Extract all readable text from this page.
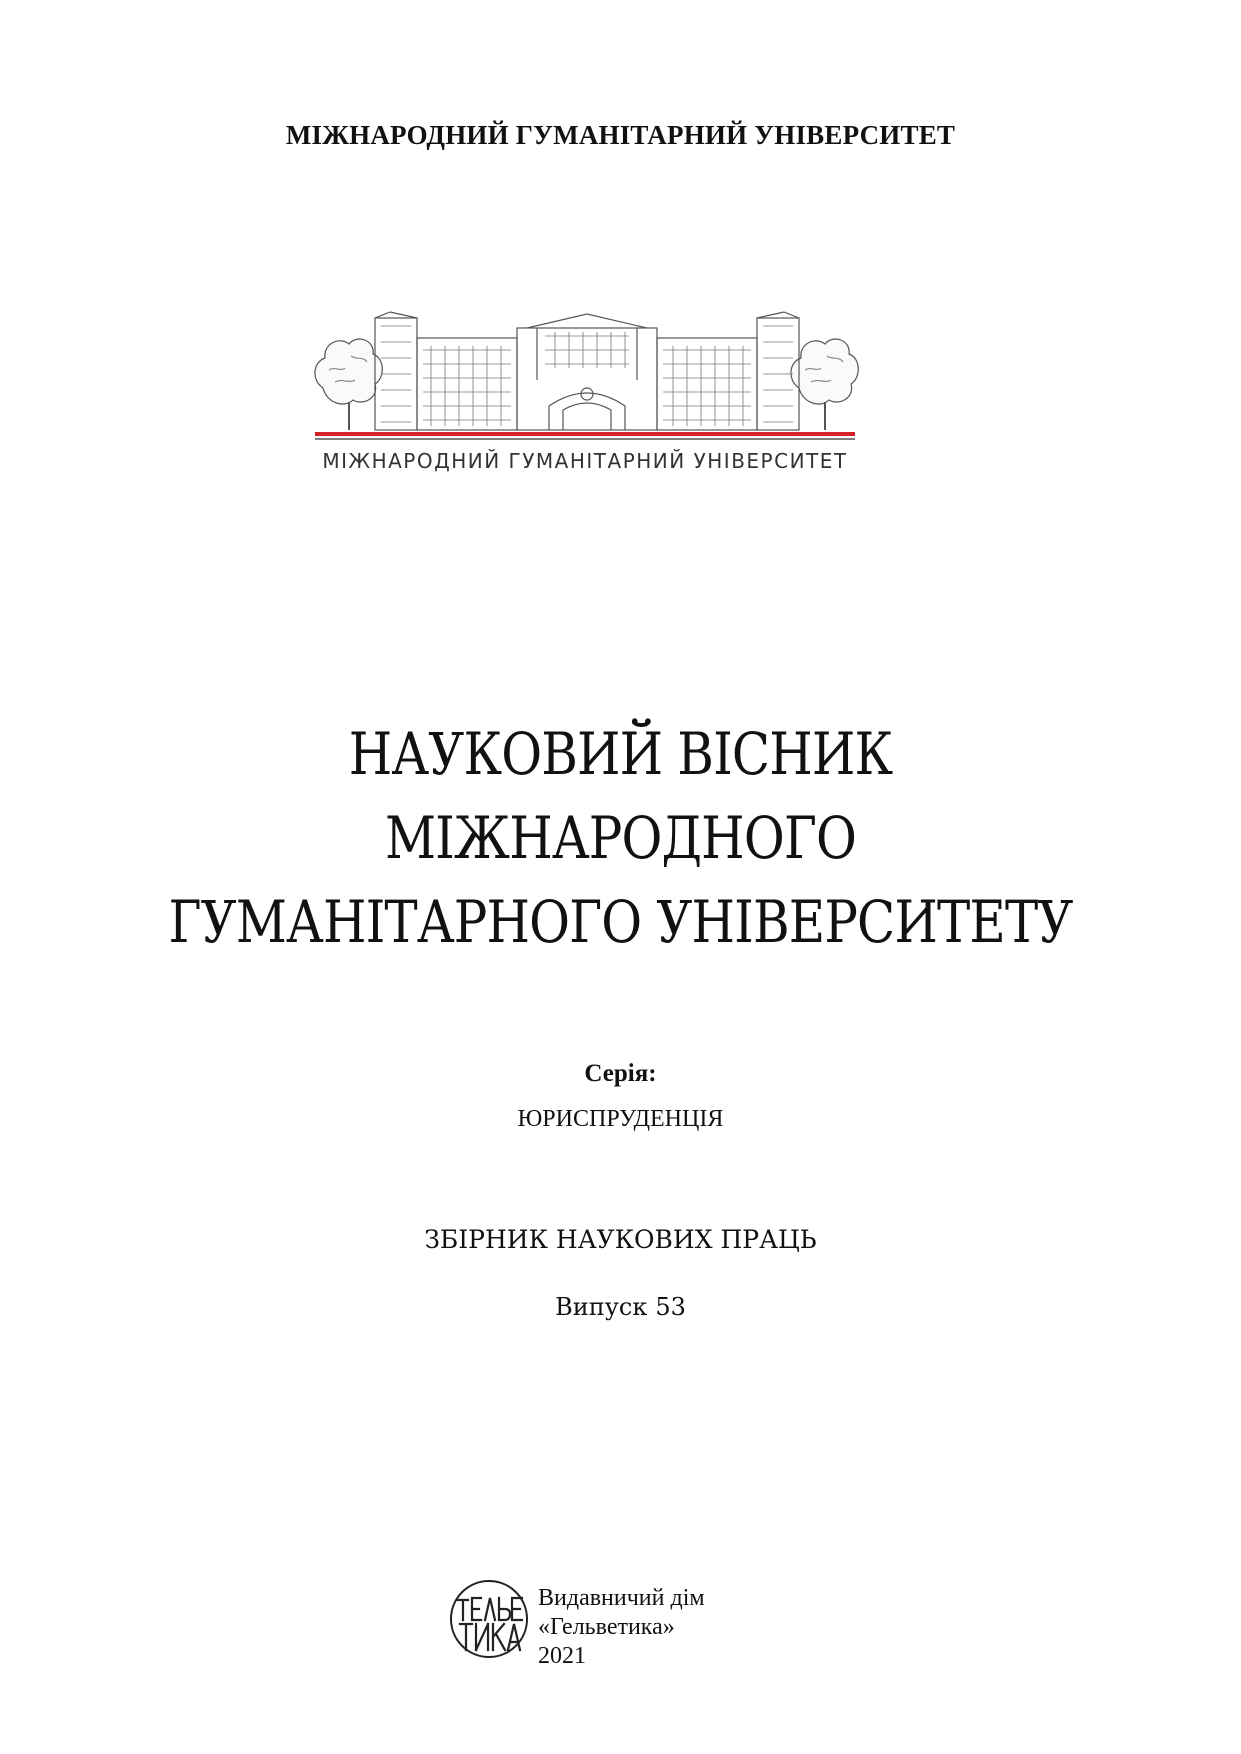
МІЖНАРОДНИЙ ГУМАНІТАРНИЙ УНІВЕРСИТЕТ
МІЖНАРОДНИЙ ГУМАНІТАРНИЙ УНІВЕРСИТЕТ
НАУКОВИЙ ВІСНИК
МІЖНАРОДНОГО
ГУМАНІТАРНОГО УНІВЕРСИТЕТУ
Серія:
ЮРИСПРУДЕНЦІЯ
ЗБІРНИК НАУКОВИХ ПРАЦЬ
Випуск 53
Видавничий дім
«Гельветика»
2021
